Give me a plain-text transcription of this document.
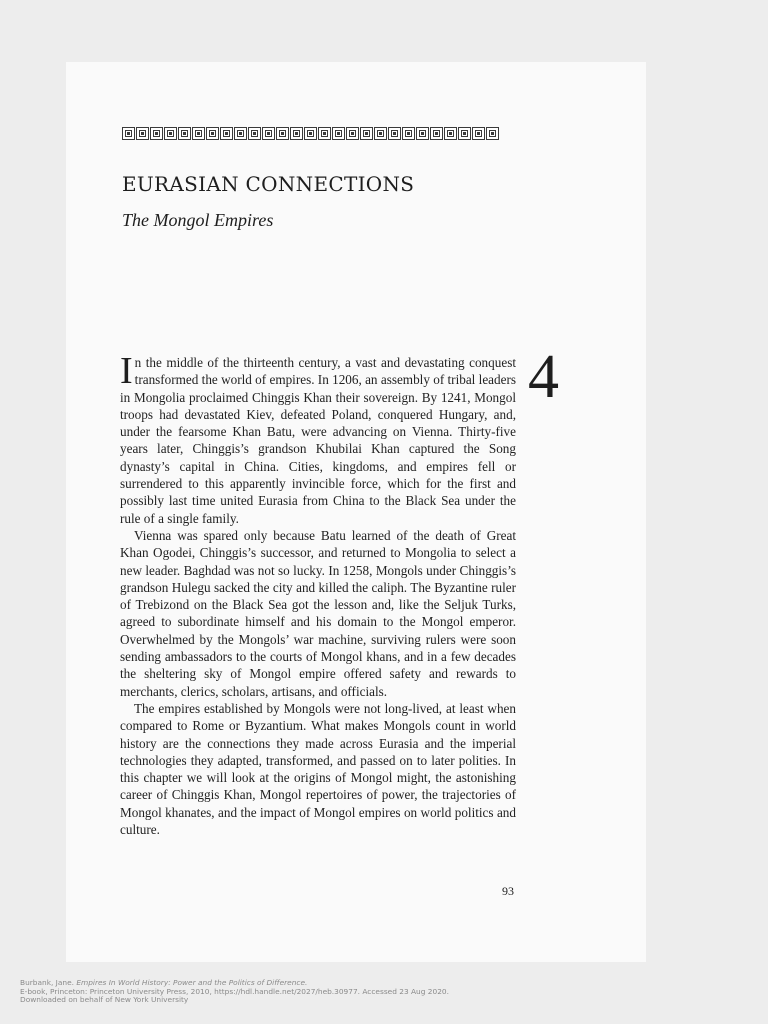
EURASIAN CONNECTIONS
The Mongol Empires
4

In the middle of the thirteenth century, a vast and devastating conquest transformed the world of empires. In 1206, an assembly of tribal leaders in Mongolia proclaimed Chinggis Khan their sovereign. By 1241, Mongol troops had devastated Kiev, defeated Poland, conquered Hungary, and, under the fearsome Khan Batu, were advancing on Vienna. Thirty-five years later, Chinggis’s grandson Khubilai Khan captured the Song dynasty’s capital in China. Cities, kingdoms, and empires fell or surrendered to this apparently invincible force, which for the first and possibly last time united Eurasia from China to the Black Sea under the rule of a single family.

Vienna was spared only because Batu learned of the death of Great Khan Ogodei, Chinggis’s successor, and returned to Mongolia to select a new leader. Baghdad was not so lucky. In 1258, Mongols under Chinggis’s grandson Hulegu sacked the city and killed the caliph. The Byzantine ruler of Trebizond on the Black Sea got the lesson and, like the Seljuk Turks, agreed to subordinate himself and his domain to the Mongol emperor. Overwhelmed by the Mongols’ war machine, surviving rulers were soon sending ambassadors to the courts of Mongol khans, and in a few decades the sheltering sky of Mongol empire offered safety and rewards to merchants, clerics, scholars, artisans, and officials.

The empires established by Mongols were not long-lived, at least when compared to Rome or Byzantium. What makes Mongols count in world history are the connections they made across Eurasia and the imperial technologies they adapted, transformed, and passed on to later polities. In this chapter we will look at the origins of Mongol might, the astonishing career of Chinggis Khan, Mongol repertoires of power, the trajectories of Mongol khanates, and the impact of Mongol empires on world politics and culture.

93
Burbank, Jane. Empires In World History: Power and the Politics of Difference.
E-book, Princeton: Princeton University Press, 2010, https://hdl.handle.net/2027/heb.30977. Accessed 23 Aug 2020.
Downloaded on behalf of New York University
